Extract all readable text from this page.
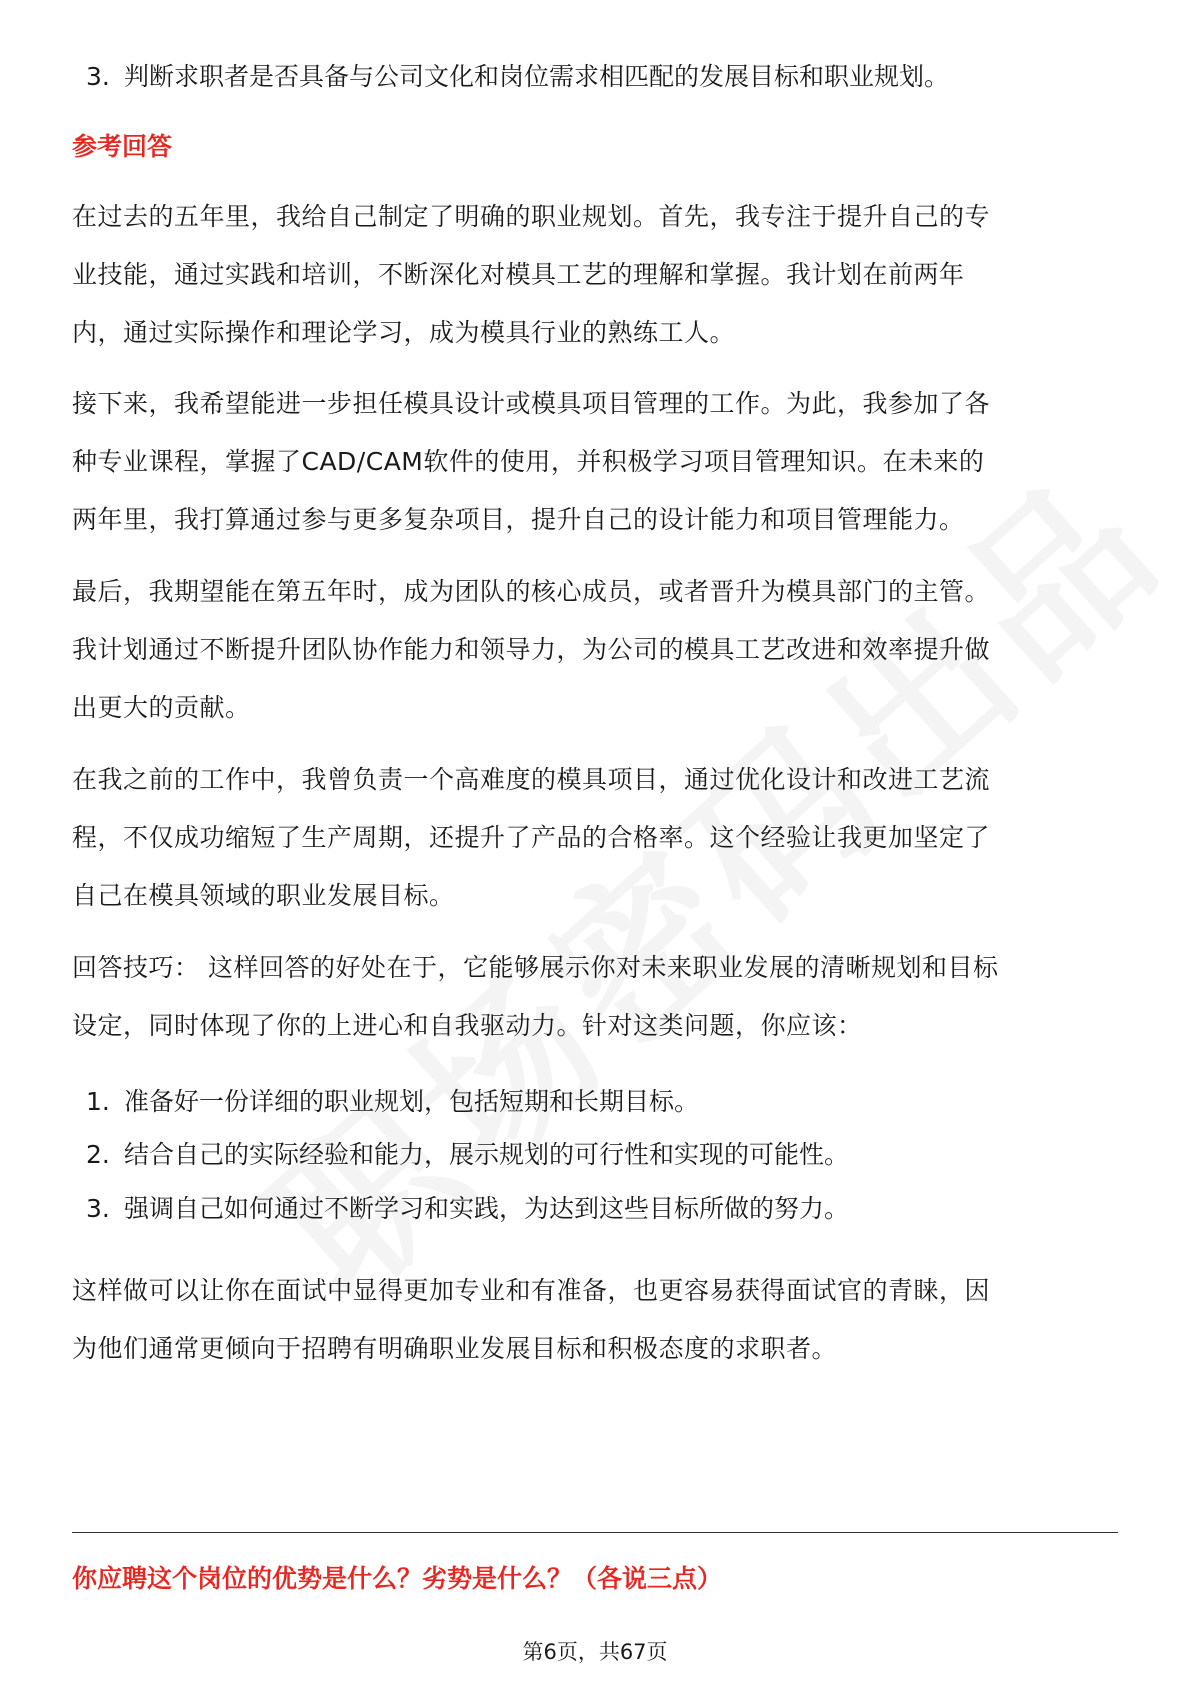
3. 判断求职者是否具备与公司文化和岗位需求相匹配的发展目标和职业规划。
参考回答
在过去的五年里，我给自己制定了明确的职业规划。首先，我专注于提升自己的专
业技能，通过实践和培训，不断深化对模具工艺的理解和掌握。我计划在前两年
内，通过实际操作和理论学习，成为模具行业的熟练工人。
接下来，我希望能进一步担任模具设计或模具项目管理的工作。为此，我参加了各
种专业课程，掌握了CAD/CAM软件的使用，并积极学习项目管理知识。在未来的
两年里，我打算通过参与更多复杂项目，提升自己的设计能力和项目管理能力。
最后，我期望能在第五年时，成为团队的核心成员，或者晋升为模具部门的主管。
我计划通过不断提升团队协作能力和领导力，为公司的模具工艺改进和效率提升做
出更大的贡献。
在我之前的工作中，我曾负责一个高难度的模具项目，通过优化设计和改进工艺流
程，不仅成功缩短了生产周期，还提升了产品的合格率。这个经验让我更加坚定了
自己在模具领域的职业发展目标。
回答技巧： 这样回答的好处在于，它能够展示你对未来职业发展的清晰规划和目标
设定，同时体现了你的上进心和自我驱动力。针对这类问题，你应该：
1. 准备好一份详细的职业规划，包括短期和长期目标。
2. 结合自己的实际经验和能力，展示规划的可行性和实现的可能性。
3. 强调自己如何通过不断学习和实践，为达到这些目标所做的努力。
这样做可以让你在面试中显得更加专业和有准备，也更容易获得面试官的青睐，因
为他们通常更倾向于招聘有明确职业发展目标和积极态度的求职者。
你应聘这个岗位的优势是什么？劣势是什么？（各说三点）
第6页，共67页
